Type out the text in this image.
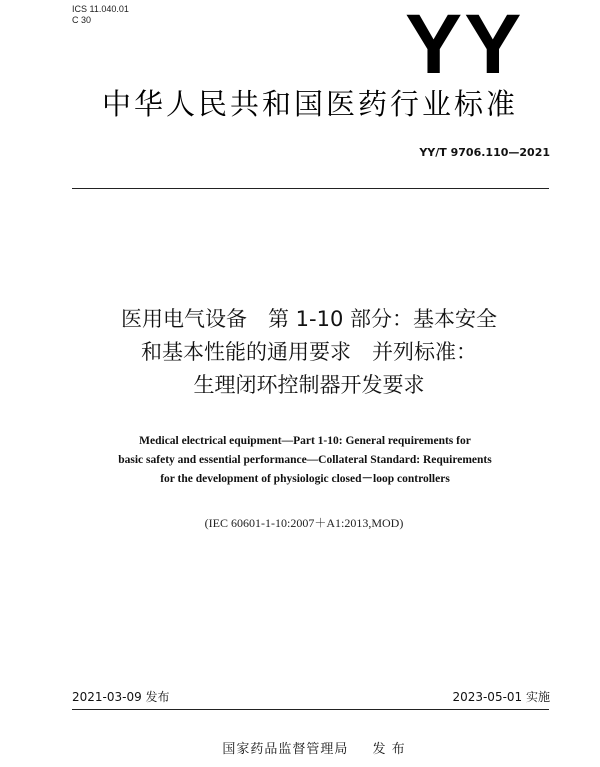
ICS 11.040.01
C 30	YY
中华人民共和国医药行业标准
YY/T 9706.110—2021
医用电气设备　第 1-10 部分：基本安全
和基本性能的通用要求　并列标准：
生理闭环控制器开发要求
Medical electrical equipment—Part 1-10: General requirements for
basic safety and essential performance—Collateral Standard: Requirements
for the development of physiologic closed－loop controllers
(IEC 60601-1-10:2007＋A1:2013,MOD)
2021-03-09 发布	2023-05-01 实施
国家药品监督管理局 发 布
